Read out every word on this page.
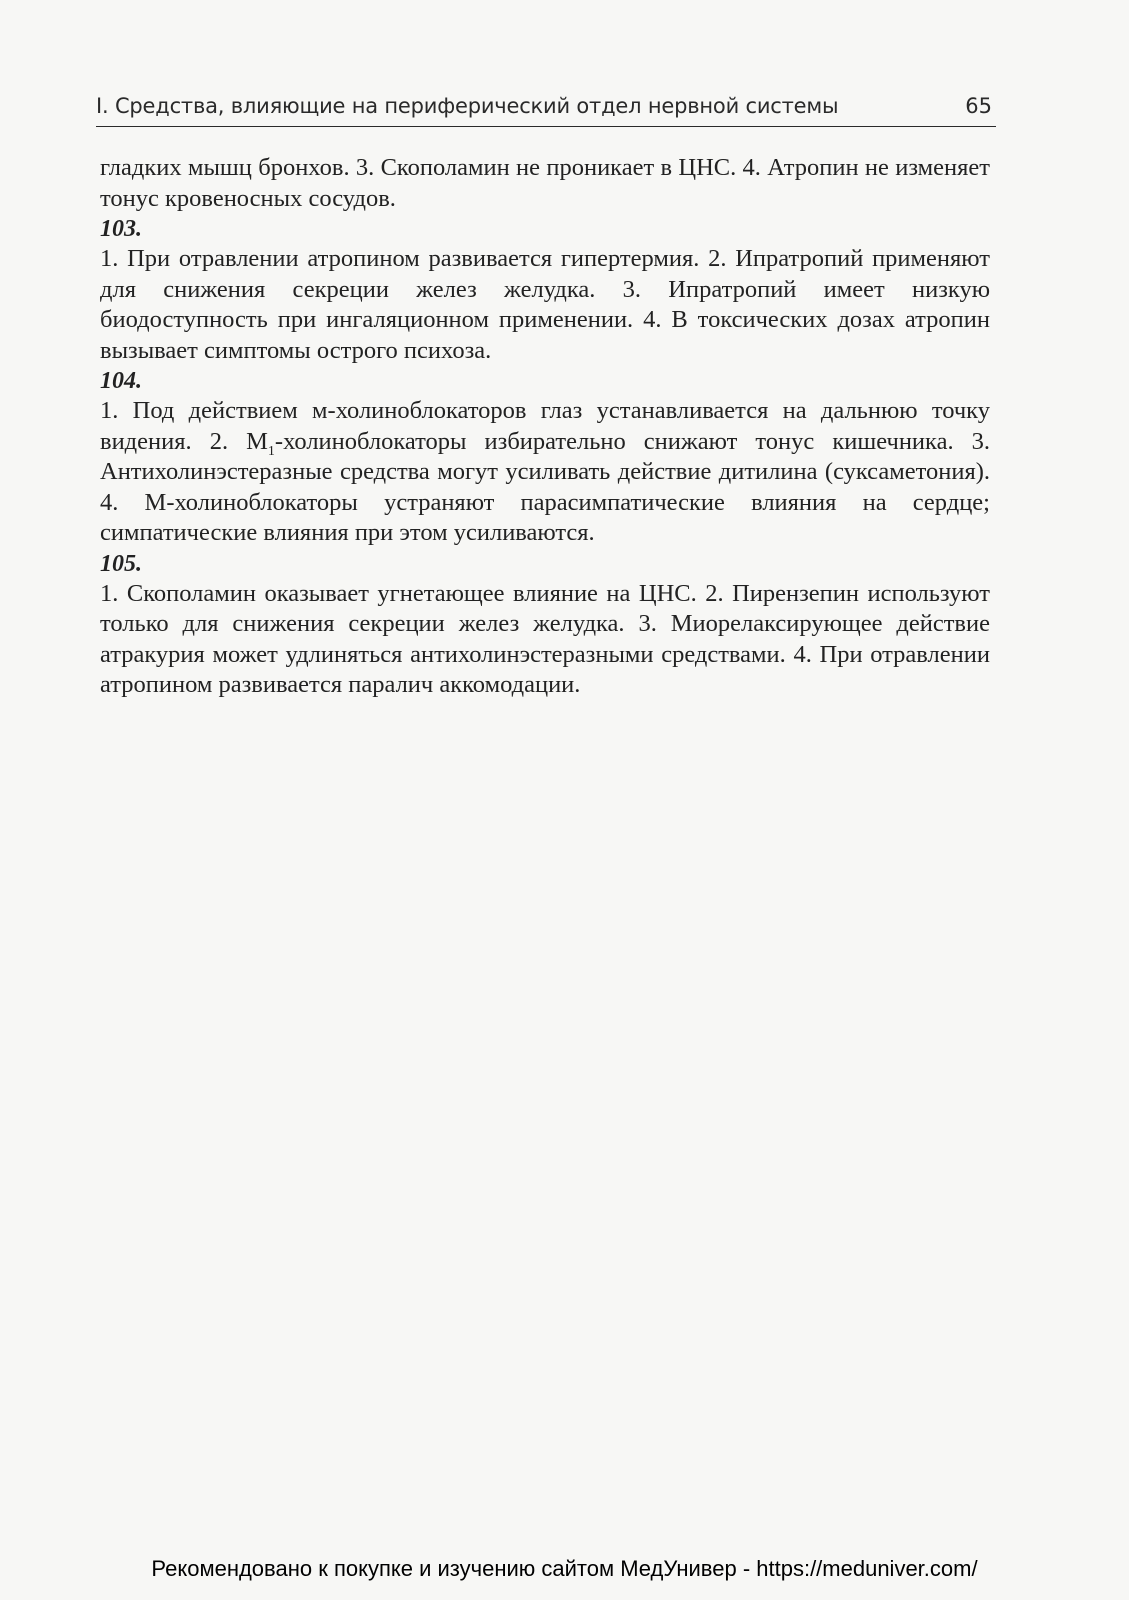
I. Средства, влияющие на периферический отдел нервной системы	65

гладких мышц бронхов. 3. Скополамин не проникает в ЦНС. 4. Атропин не изменяет тонус кровеносных сосудов.

103.

1. При отравлении атропином развивается гипертермия. 2. Ипратропий применяют для снижения секреции желез желудка. 3. Ипратропий имеет низкую биодоступность при ингаляционном применении. 4. В токсических дозах атропин вызывает симптомы острого психоза.

104.

1. Под действием м-холиноблокаторов глаз устанавливается на дальнюю точку видения. 2. $М_1$-холиноблокаторы избирательно снижают тонус кишечника. 3. Антихолинэстеразные средства могут усиливать действие дитилина (суксаметония). 4. М-холиноблокаторы устраняют парасимпатические влияния на сердце; симпатические влияния при этом усиливаются.

105.

1. Скополамин оказывает угнетающее влияние на ЦНС. 2. Пирензепин используют только для снижения секреции желез желудка. 3. Миорелаксирующее действие атракурия может удлиняться антихолинэстеразными средствами. 4. При отравлении атропином развивается паралич аккомодации.

Рекомендовано к покупке и изучению сайтом МедУнивер - https://meduniver.com/
